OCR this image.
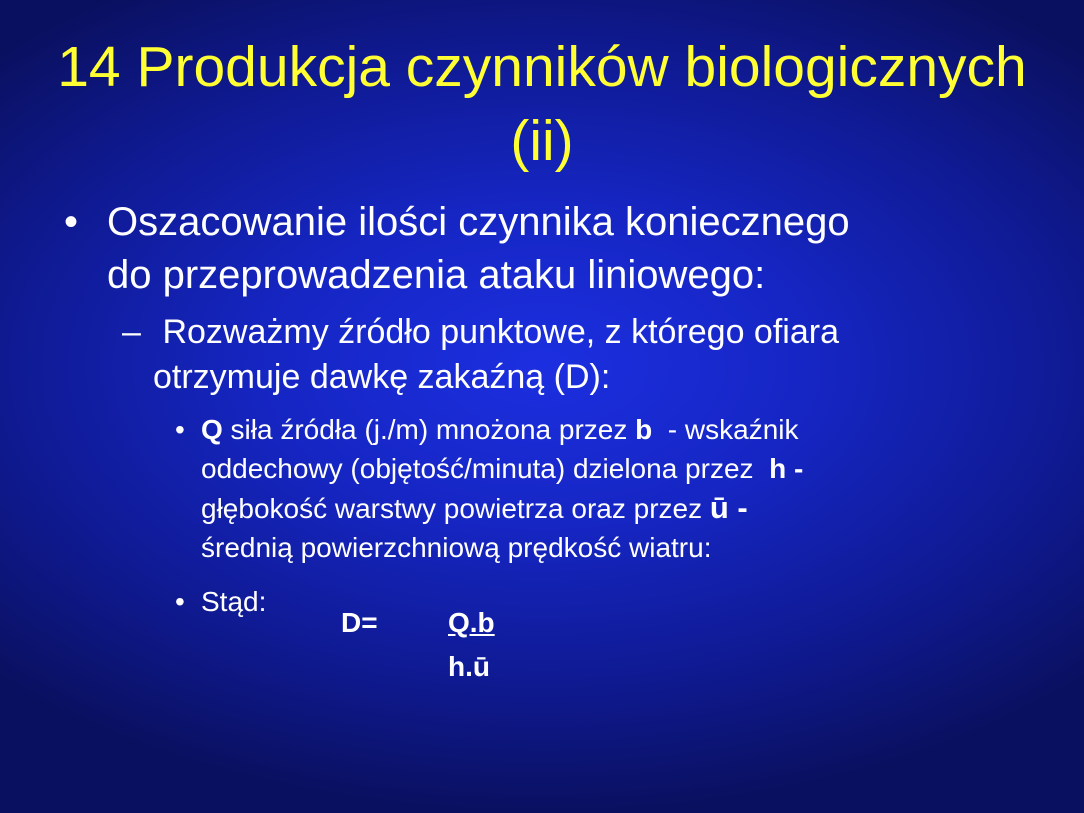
14 Produkcja czynników biologicznych
(ii)
• Oszacowanie ilości czynnika koniecznego
do przeprowadzenia ataku liniowego:
– Rozważmy źródło punktowe, z którego ofiara
otrzymuje dawkę zakaźną (D):
• Q siła źródła (j./m) mnożona przez b  - wskaźnik
oddechowy (objętość/minuta) dzielona przez  h -
głębokość warstwy powietrza oraz przez ū -
średnią powierzchniową prędkość wiatru:
• Stąd:
D=	Q.b
h.ū
